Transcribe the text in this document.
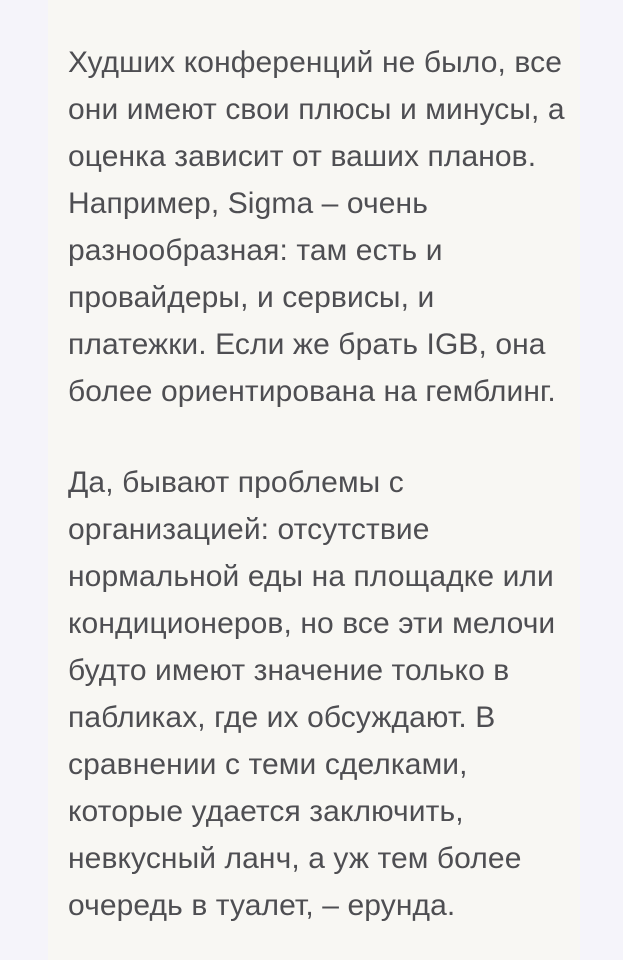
Худших конференций не было, все
они имеют свои плюсы и минусы, а
оценка зависит от ваших планов.
Например, Sigma – очень
разнообразная: там есть и
провайдеры, и сервисы, и
платежки. Если же брать IGB, она
более ориентирована на гемблинг.

Да, бывают проблемы с
организацией: отсутствие
нормальной еды на площадке или
кондиционеров, но все эти мелочи
будто имеют значение только в
пабликах, где их обсуждают. В
сравнении с теми сделками,
которые удается заключить,
невкусный ланч, а уж тем более
очередь в туалет, – ерунда.
